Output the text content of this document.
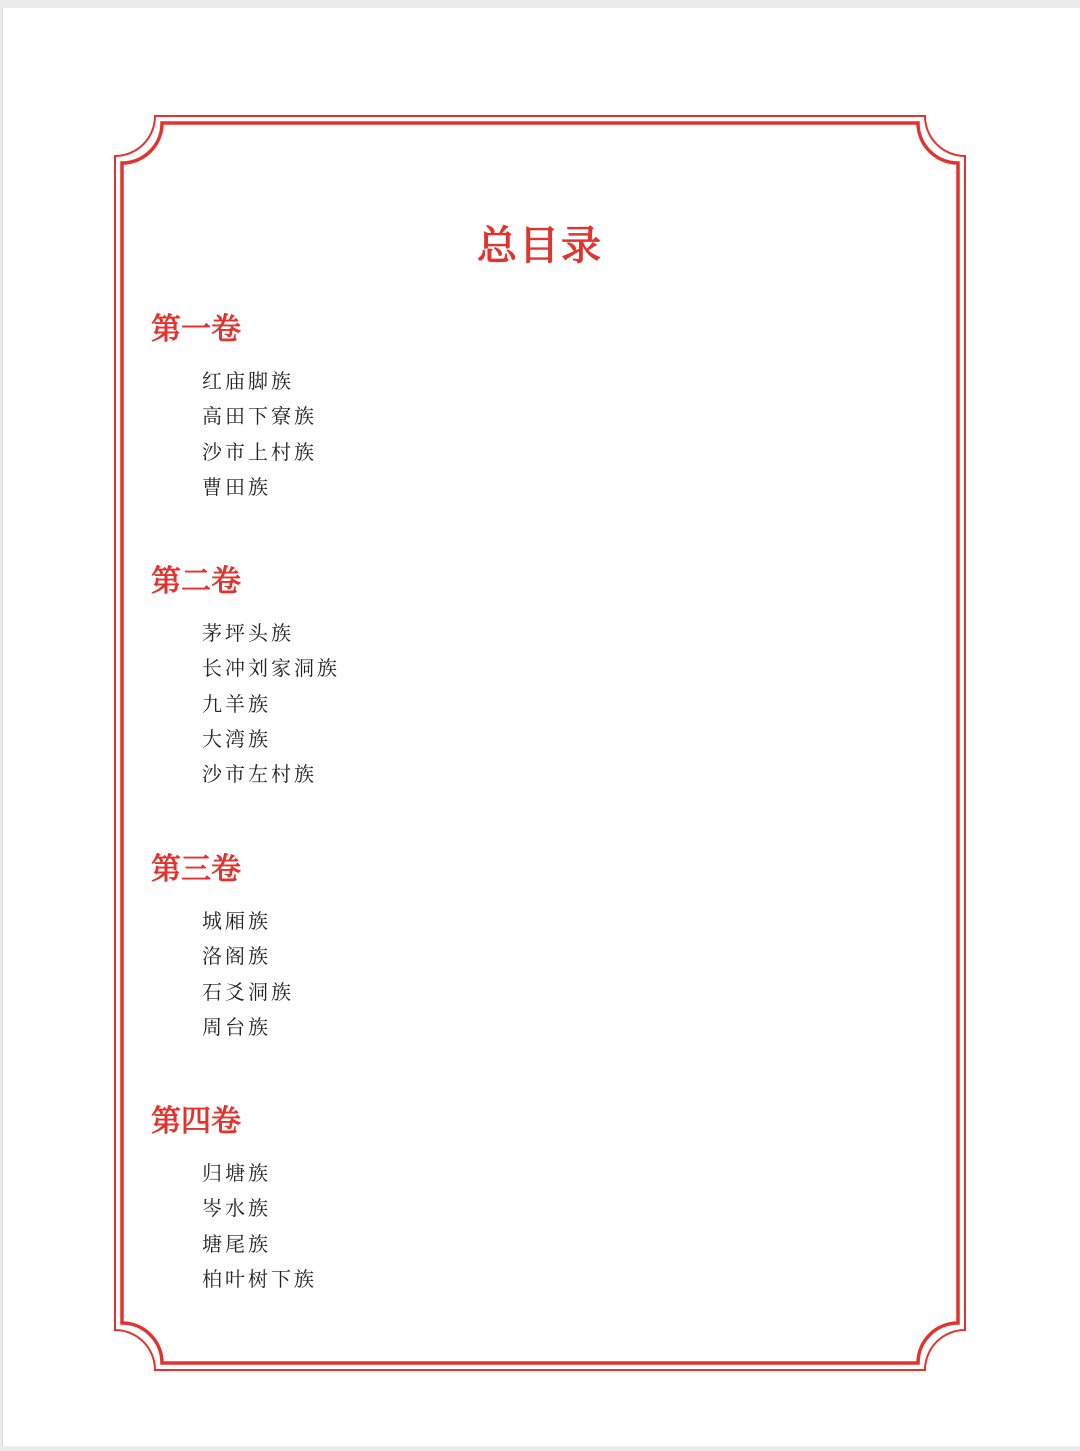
总目录
第一卷
红庙脚族
高田下寮族
沙市上村族
曹田族
第二卷
茅坪头族
长冲刘家洞族
九羊族
大湾族
沙市左村族
第三卷
城厢族
洛阁族
石爻洞族
周台族
第四卷
归塘族
岑水族
塘尾族
柏叶树下族
